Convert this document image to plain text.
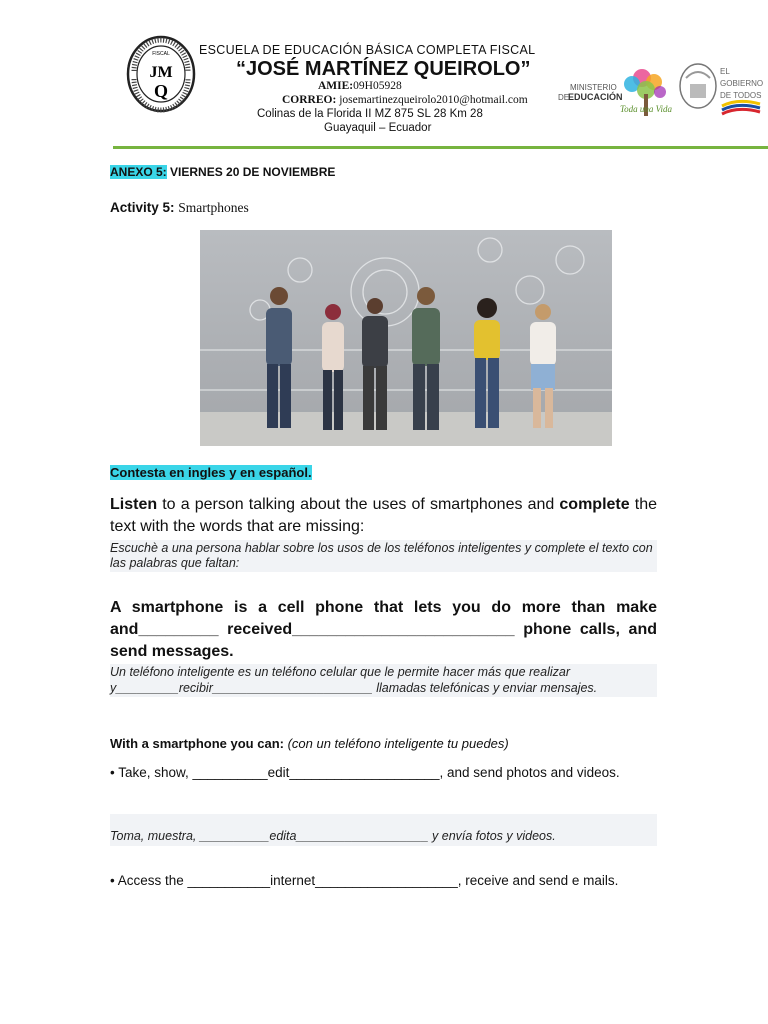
FISCAL
JM
Q
ESCUELA DE EDUCACIÓN BÁSICA COMPLETA FISCAL
“JOSÉ MARTÍNEZ QUEIROLO”
AMIE:09H05928
CORREO: josemartinezqueirolo2010@hotmail.com
Colinas de la Florida II MZ 875 SL 28 Km 28
Guayaquil – Ecuador
MINISTERIO
DE
EDUCACIÓN
Toda una Vida
EL
GOBIERNO
DE TODOS
ANEXO 5: VIERNES 20 DE NOVIEMBRE
Activity 5: Smartphones
Contesta en ingles y en español.
Listen to a person talking about the uses of smartphones and complete the text with the words that are missing:
Escuchè a una persona hablar sobre los usos de los teléfonos inteligentes y complete el texto con las palabras que faltan:
A smartphone is a cell phone that lets you do more than make and_________ received_________________________ phone calls, and send messages.
Un teléfono inteligente es un teléfono celular que le permite hacer más que realizar y_________recibir_______________________ llamadas telefónicas y enviar mensajes.
With a smartphone you can: (con un teléfono inteligente tu puedes)
• Take, show, __________edit____________________, and send photos and videos.
Toma, muestra, __________edita___________________ y envía fotos y videos.
• Access the ___________internet___________________, receive and send e mails.
